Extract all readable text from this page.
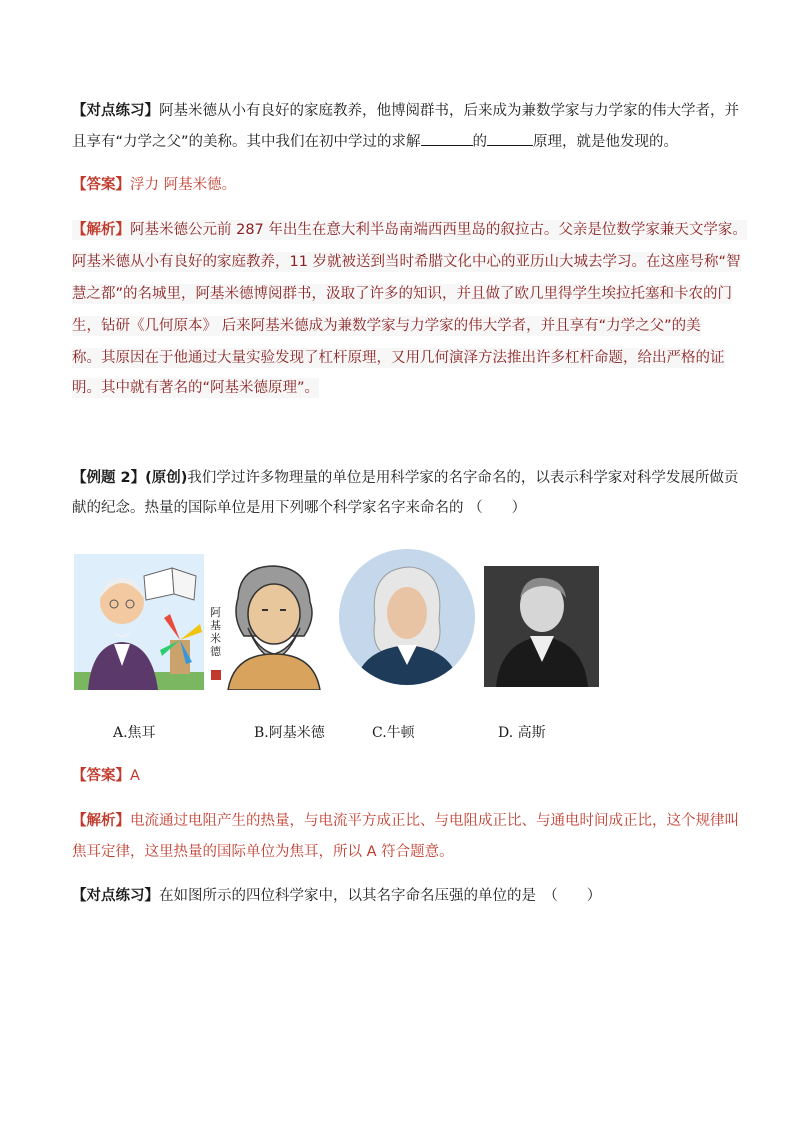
【对点练习】阿基米德从小有良好的家庭教养，他博阅群书，后来成为兼数学家与力学家的伟大学者，并
且享有“力学之父”的美称。其中我们在初中学过的求解	的	原理，就是他发现的。
【答案】浮力 阿基米德。
【解析】阿基米德公元前 287 年出生在意大利半岛南端西西里岛的叙拉古。父亲是位数学家兼天文学家。
阿基米德从小有良好的家庭教养，11 岁就被送到当时希腊文化中心的亚历山大城去学习。在这座号称“智
慧之都”的名城里，阿基米德博阅群书，汲取了许多的知识，并且做了欧几里得学生埃拉托塞和卡农的门
生，钻研《几何原本》 后来阿基米德成为兼数学家与力学家的伟大学者，并且享有“力学之父”的美
称。其原因在于他通过大量实验发现了杠杆原理，又用几何演泽方法推出许多杠杆命题，给出严格的证
明。其中就有著名的“阿基米德原理”。
【例题 2】(原创)我们学过许多物理量的单位是用科学家的名字命名的，以表示科学家对科学发展所做贡
献的纪念。热量的国际单位是用下列哪个科学家名字来命名的 （　　）
阿基米德
A.焦耳	B.阿基米德	C.牛顿	D. 高斯
【答案】A
【解析】电流通过电阻产生的热量，与电流平方成正比、与电阻成正比、与通电时间成正比，这个规律叫
焦耳定律，这里热量的国际单位为焦耳，所以 A 符合题意。
【对点练习】在如图所示的四位科学家中，以其名字命名压强的单位的是　（　　）
